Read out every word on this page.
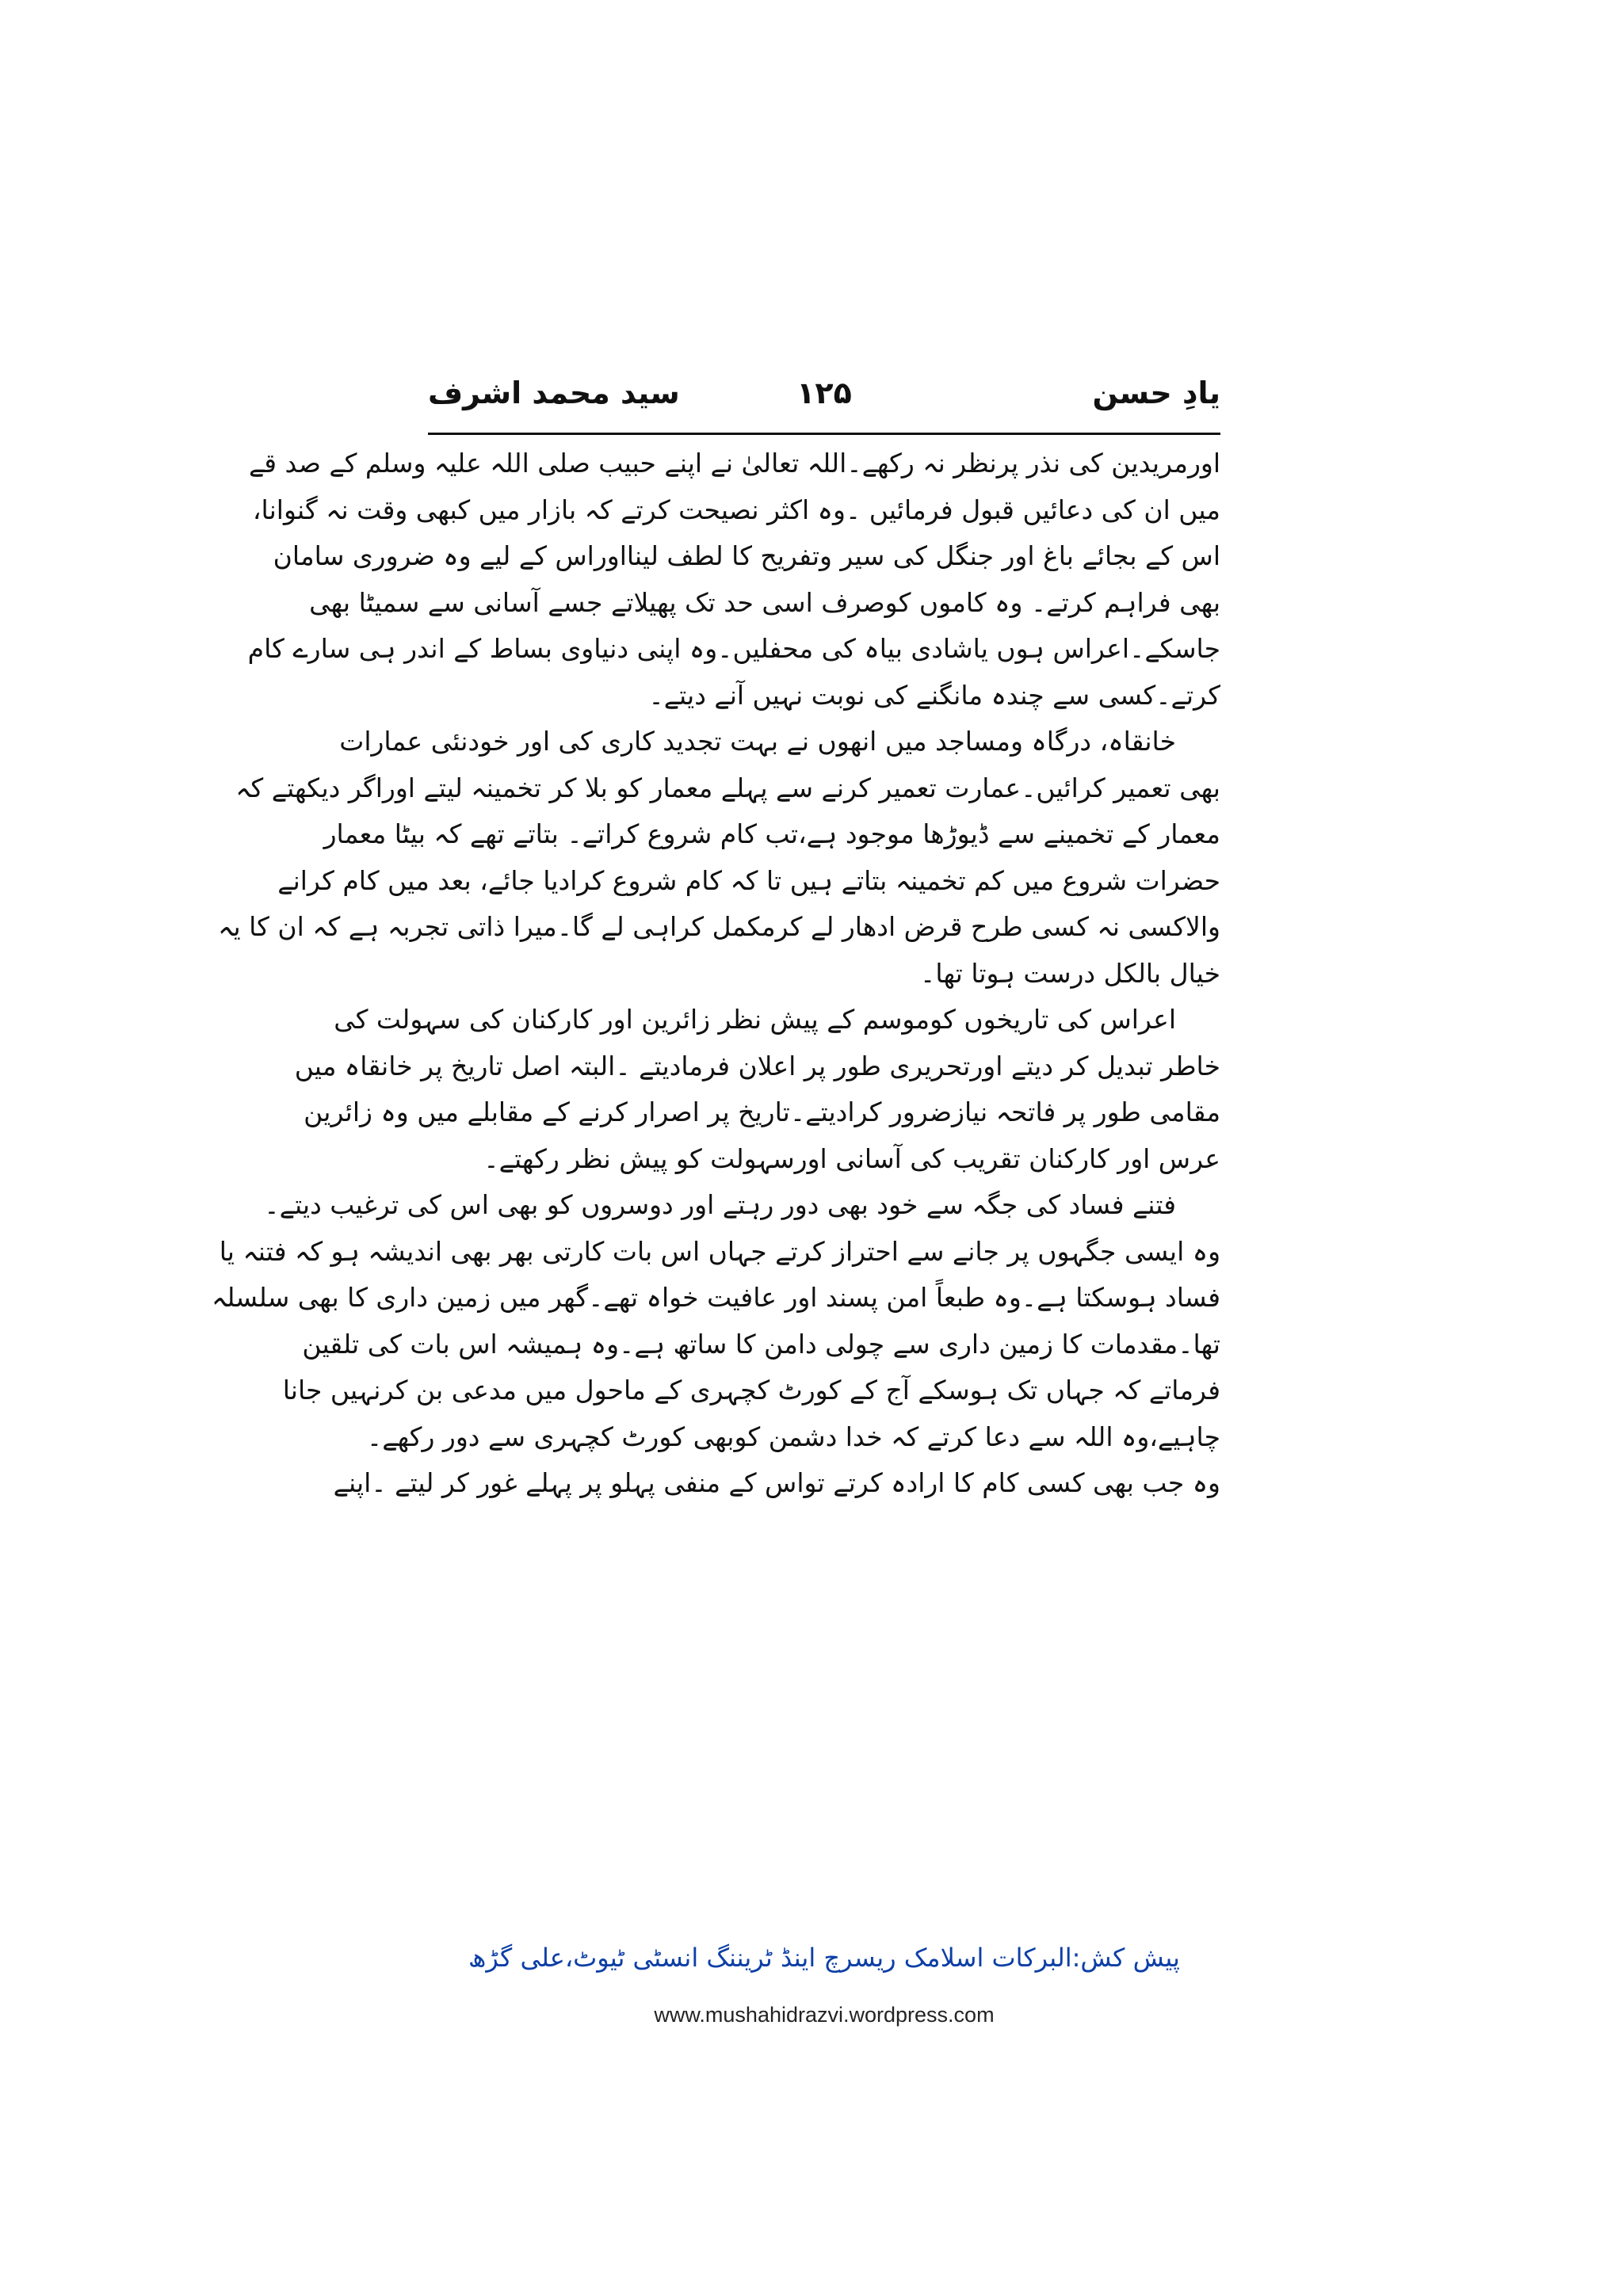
یادِ حسن
۱۲۵
سید محمد اشرف
اورمریدین کی نذر پرنظر نہ رکھے۔اللہ تعالیٰ نے اپنے حبیب صلی اللہ علیہ وسلم کے صد قے
میں ان کی دعائیں قبول فرمائیں ۔وہ اکثر نصیحت کرتے کہ بازار میں کبھی وقت نہ گنوانا،
اس کے بجائے باغ اور جنگل کی سیر وتفریح کا لطف لینااوراس کے لیے وہ ضروری سامان
بھی فراہم کرتے۔ وہ کاموں کوصرف اسی حد تک پھیلاتے جسے آسانی سے سمیٹا بھی
جاسکے۔اعراس ہوں یاشادی بیاہ کی محفلیں۔وہ اپنی دنیاوی بساط کے اندر ہی سارے کام
کرتے۔کسی سے چندہ مانگنے کی نوبت نہیں آنے دیتے۔
خانقاہ، درگاہ ومساجد میں انھوں نے بہت تجدید کاری کی اور خودنئی عمارات
بھی تعمیر کرائیں۔عمارت تعمیر کرنے سے پہلے معمار کو بلا کر تخمینہ لیتے اوراگر دیکھتے کہ
معمار کے تخمینے سے ڈیوڑھا موجود ہے،تب کام شروع کراتے۔ بتاتے تھے کہ بیٹا معمار
حضرات شروع میں کم تخمینہ بتاتے ہیں تا کہ کام شروع کرادیا جائے، بعد میں کام کرانے
والاکسی نہ کسی طرح قرض ادھار لے کرمکمل کراہی لے گا۔میرا ذاتی تجربہ ہے کہ ان کا یہ
خیال بالکل درست ہوتا تھا۔
اعراس کی تاریخوں کوموسم کے پیش نظر زائرین اور کارکنان کی سہولت کی
خاطر تبدیل کر دیتے اورتحریری طور پر اعلان فرمادیتے ۔البتہ اصل تاریخ پر خانقاہ میں
مقامی طور پر فاتحہ نیازضرور کرادیتے۔تاریخ پر اصرار کرنے کے مقابلے میں وہ زائرین
عرس اور کارکنان تقریب کی آسانی اورسہولت کو پیش نظر رکھتے۔
فتنے فساد کی جگہ سے خود بھی دور رہتے اور دوسروں کو بھی اس کی ترغیب دیتے۔
وہ ایسی جگہوں پر جانے سے احتراز کرتے جہاں اس بات کارتی بھر بھی اندیشہ ہو کہ فتنہ یا
فساد ہوسکتا ہے۔وہ طبعاً امن پسند اور عافیت خواہ تھے۔گھر میں زمین داری کا بھی سلسلہ
تھا۔مقدمات کا زمین داری سے چولی دامن کا ساتھ ہے۔وہ ہمیشہ اس بات کی تلقین
فرماتے کہ جہاں تک ہوسکے آج کے کورٹ کچہری کے ماحول میں مدعی بن کرنہیں جانا
چاہیے،وہ اللہ سے دعا کرتے کہ خدا دشمن کوبھی کورٹ کچہری سے دور رکھے۔
وہ جب بھی کسی کام کا ارادہ کرتے تواس کے منفی پہلو پر پہلے غور کر لیتے ۔اپنے
پیش کش:البرکات اسلامک ریسرچ اینڈ ٹریننگ انسٹی ٹیوٹ،علی گڑھ
www.mushahidrazvi.wordpress.com
